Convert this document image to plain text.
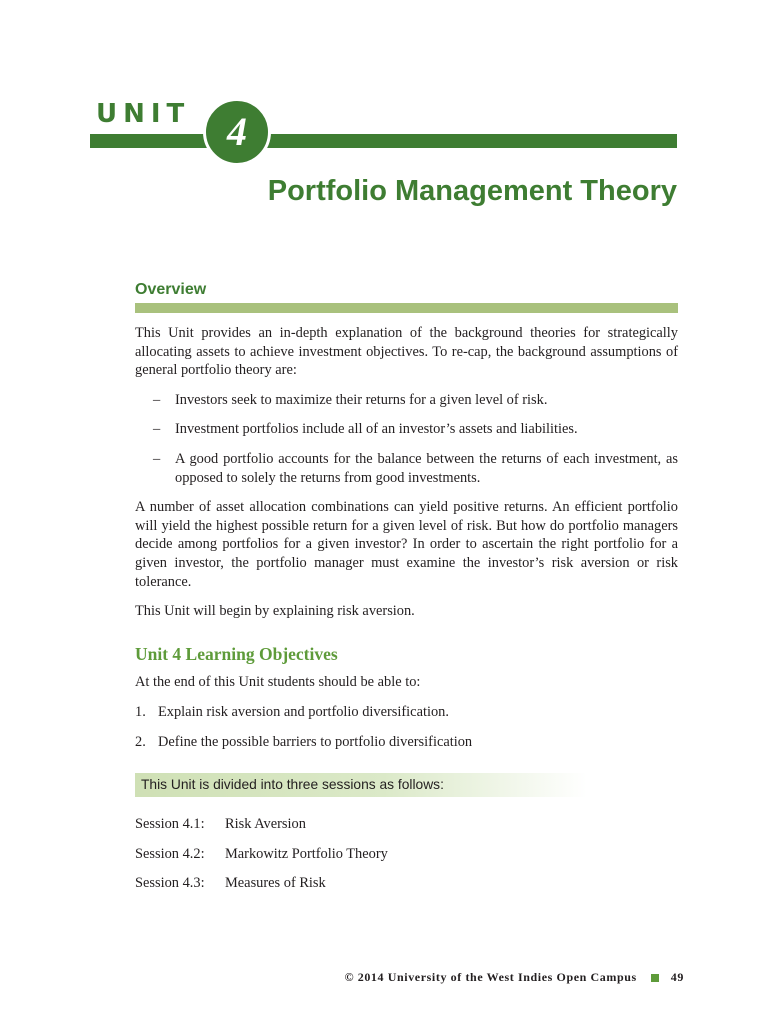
UNIT 4
Portfolio Management Theory
Overview

This Unit provides an in-depth explanation of the background theories for strategically allocating assets to achieve investment objectives. To re-cap, the background assumptions of general portfolio theory are:

– Investors seek to maximize their returns for a given level of risk.
– Investment portfolios include all of an investor’s assets and liabilities.
– A good portfolio accounts for the balance between the returns of each investment, as opposed to solely the returns from good investments.

A number of asset allocation combinations can yield positive returns. An efficient portfolio will yield the highest possible return for a given level of risk. But how do portfolio managers decide among portfolios for a given investor? In order to ascertain the right portfolio for a given investor, the portfolio manager must examine the investor’s risk aversion or risk tolerance.

This Unit will begin by explaining risk aversion.

Unit 4 Learning Objectives

At the end of this Unit students should be able to:

1. Explain risk aversion and portfolio diversification.
2. Define the possible barriers to portfolio diversification
This Unit is divided into three sessions as follows:
Session 4.1:	Risk Aversion
Session 4.2:	Markowitz Portfolio Theory
Session 4.3:	Measures of Risk
© 2014 University of the West Indies Open Campus	49
